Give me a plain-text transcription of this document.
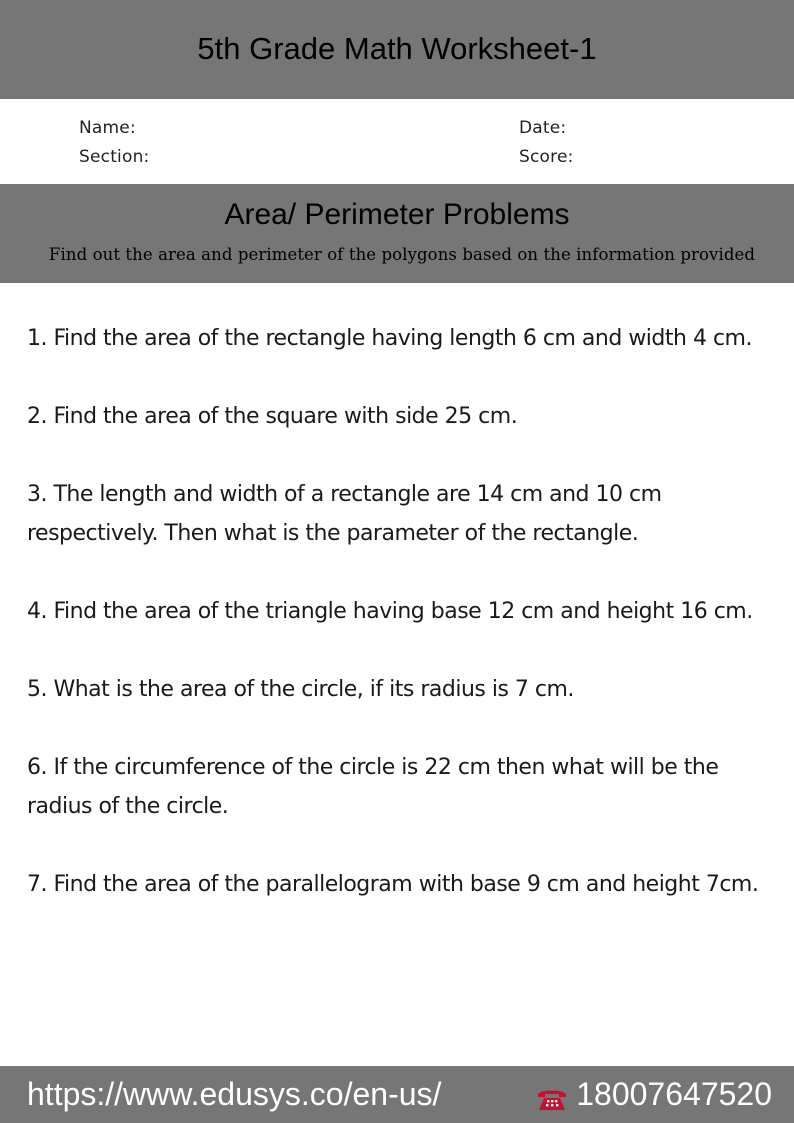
5th Grade Math Worksheet-1
Name:	Date:
Section:	Score:
Area/ Perimeter Problems
Find out the area and perimeter of the polygons based on the information provided
1. Find the area of the rectangle having length 6 cm and width 4 cm.
2. Find the area of the square with side 25 cm.
3. The length and width of a rectangle are 14 cm and 10 cm respectively. Then what is the parameter of the rectangle.
4. Find the area of the triangle having base 12 cm and height 16 cm.
5. What is the area of the circle, if its radius is 7 cm.
6. If the circumference of the circle is 22 cm then what will be the radius of the circle.
7. Find the area of the parallelogram with base 9 cm and height 7cm.
https://www.edusys.co/en-us/	18007647520
